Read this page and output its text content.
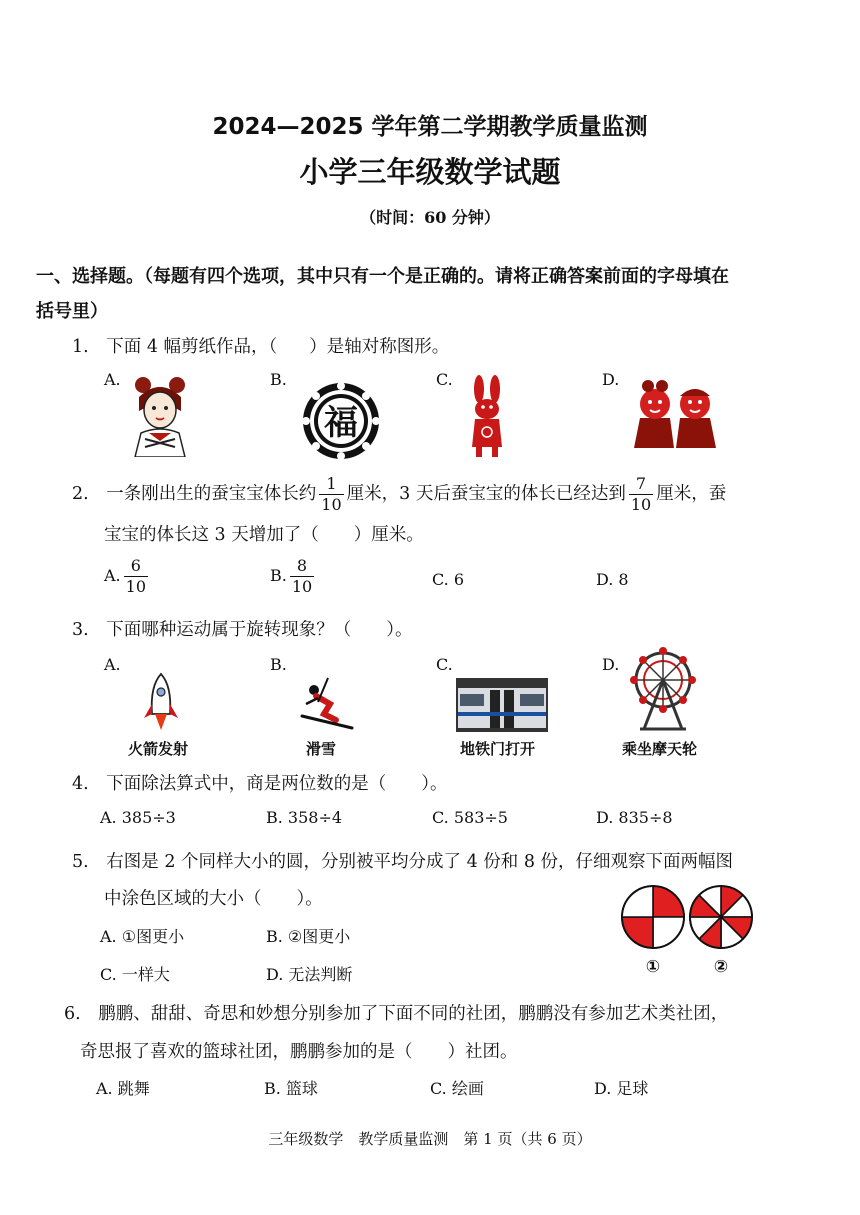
2024—2025 学年第二学期教学质量监测
小学三年级数学试题
（时间：60 分钟）
一、选择题。（每题有四个选项，其中只有一个是正确的。请将正确答案前面的字母填在
括号里）
1. 下面 4 幅剪纸作品，（ ）是轴对称图形。
A.	B.	C.	D.
福
2. 一条刚出生的蚕宝宝体长约 $\frac{1}{10}$ 厘米，3 天后蚕宝宝的体长已经达到 $\frac{7}{10}$ 厘米，蚕
宝宝的体长这 3 天增加了（　　）厘米。
A. $\frac{6}{10}$	B. $\frac{8}{10}$	C. 6	D. 8
3. 下面哪种运动属于旋转现象？（　　）。
A.	B.	C.	D.
火箭发射	滑雪	地铁门打开	乘坐摩天轮
4. 下面除法算式中，商是两位数的是（　　）。
A. 385÷3	B. 358÷4	C. 583÷5	D. 835÷8
5. 右图是 2 个同样大小的圆，分别被平均分成了 4 份和 8 份，仔细观察下面两幅图
中涂色区域的大小（　　）。
A. ①图更小	B. ②图更小
C. 一样大	D. 无法判断	①	②
6. 鹏鹏、甜甜、奇思和妙想分别参加了下面不同的社团，鹏鹏没有参加艺术类社团，
奇思报了喜欢的篮球社团，鹏鹏参加的是（　　）社团。
A. 跳舞	B. 篮球	C. 绘画	D. 足球
三年级数学　教学质量监测　第 1 页（共 6 页）
